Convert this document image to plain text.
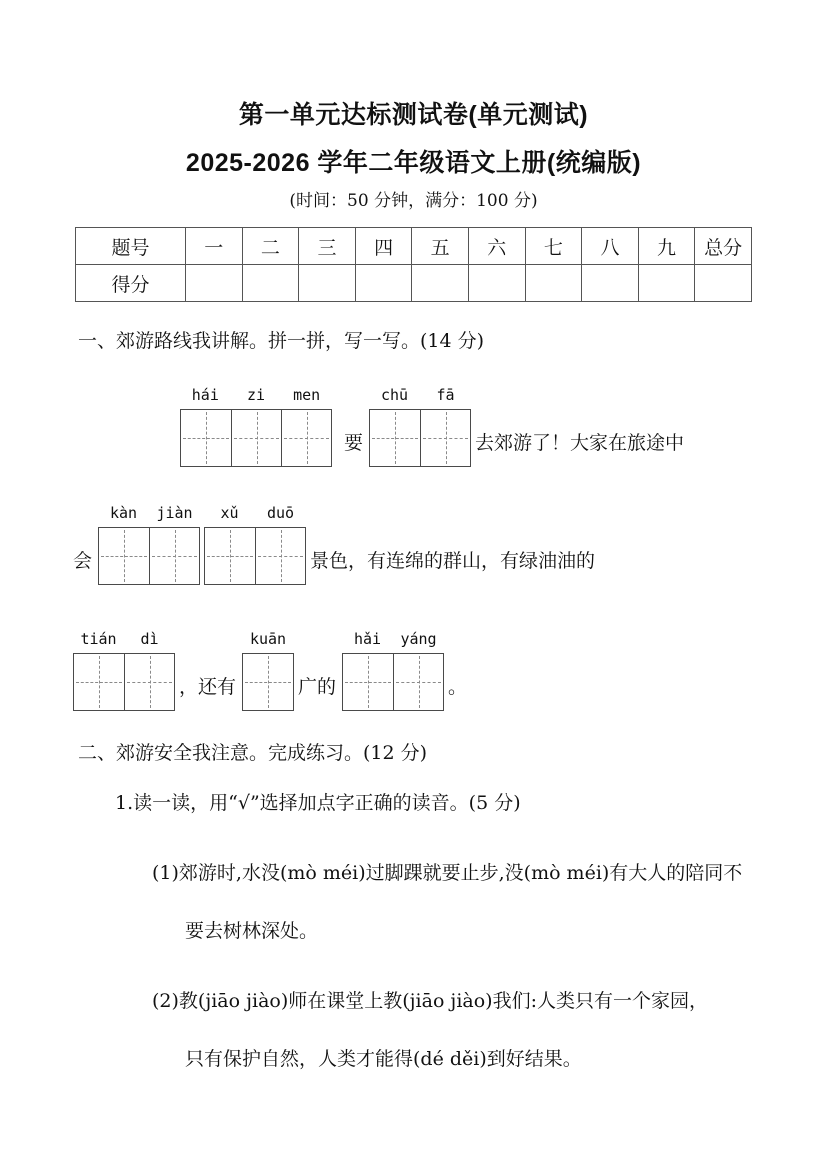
第一单元达标测试卷(单元测试)
2025-2026 学年二年级语文上册(统编版)
(时间：50 分钟，满分：100 分)
题号	一	二	三	四	五	六	七	八	九	总分
得分										
一、郊游路线我讲解。拼一拼，写一写。(14 分)
hái	zi	men
要
chū	fā
去郊游了！大家在旅途中
会
kàn	jiàn	xǔ	duō
景色，有连绵的群山，有绿油油的
tián	dì
，还有
kuān
广的
hǎi	yáng
。
二、郊游安全我注意。完成练习。(12 分)
1.读一读，用“√”选择加点字正确的读音。(5 分)
(1)郊游时,水没(mò méi)过脚踝就要止步,没(mò méi)有大人的陪同不
要去树林深处。
(2)教(jiāo jiào)师在课堂上教(jiāo jiào)我们:人类只有一个家园，
只有保护自然，人类才能得(dé děi)到好结果。
